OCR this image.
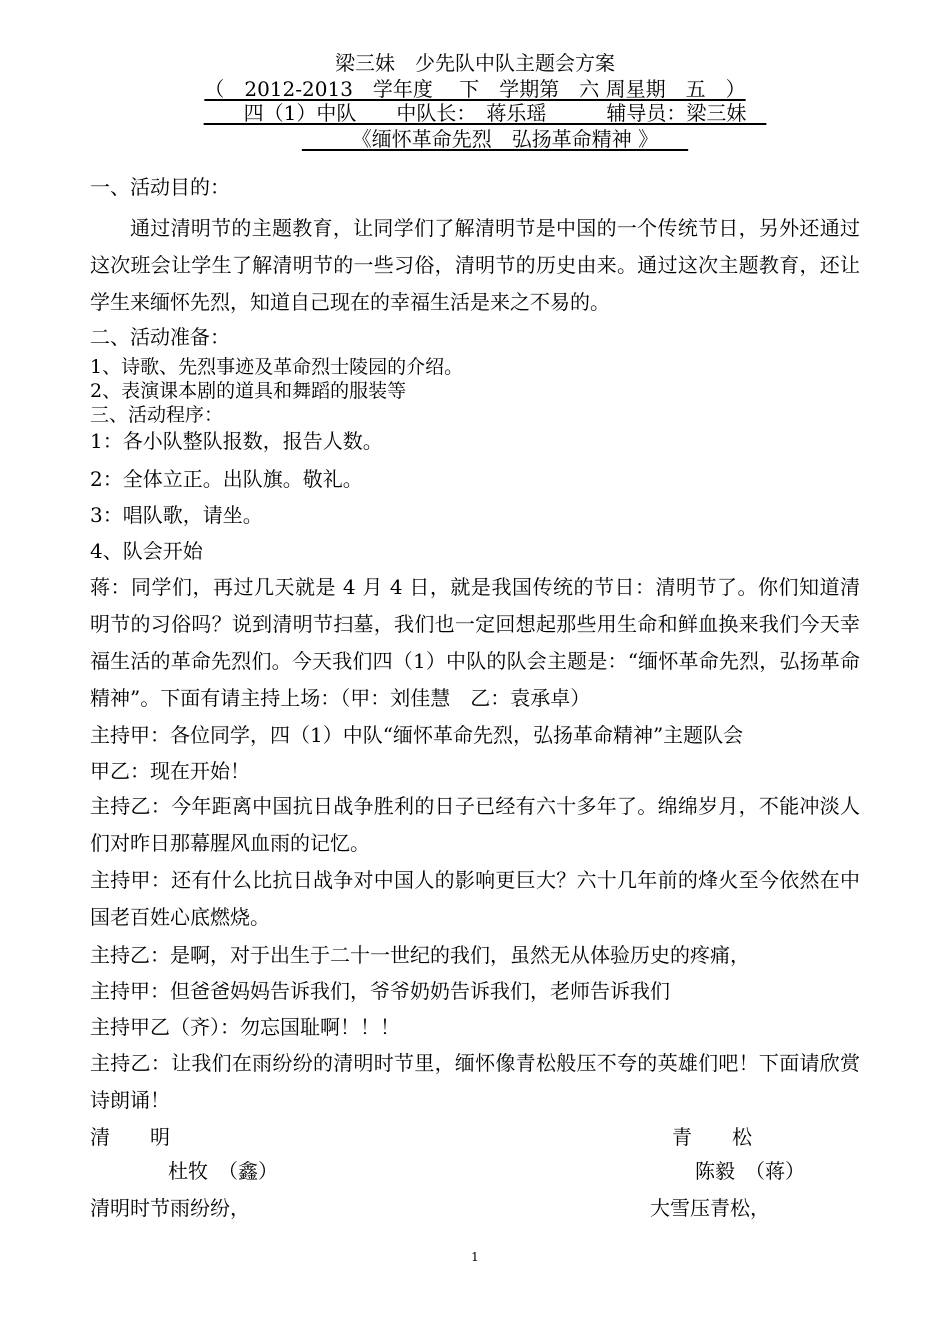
梁三妹　少先队中队主题会方案
（　2012-2013　学年度　 下　学期第　六 周星期　五　）
　　四（1）中队　　中队长：　蒋乐瑶　　　辅导员：梁三妹　
　　　《缅怀革命先烈　弘扬革命精神 》　　
一、活动目的：
通过清明节的主题教育，让同学们了解清明节是中国的一个传统节日，另外还通过这次班会让学生了解清明节的一些习俗，清明节的历史由来。通过这次主题教育，还让学生来缅怀先烈，知道自己现在的幸福生活是来之不易的。
二、活动准备：
1、诗歌、先烈事迹及革命烈士陵园的介绍。
2、表演课本剧的道具和舞蹈的服装等
三、活动程序：
1：各小队整队报数，报告人数。
2：全体立正。出队旗。敬礼。
3：唱队歌，请坐。
4、队会开始
蒋：同学们，再过几天就是 4 月 4 日，就是我国传统的节日：清明节了。你们知道清明节的习俗吗？说到清明节扫墓，我们也一定回想起那些用生命和鲜血换来我们今天幸福生活的革命先烈们。今天我们四（1）中队的队会主题是：“缅怀革命先烈，弘扬革命精神”。下面有请主持上场：（甲：刘佳慧　乙：袁承卓）
主持甲：各位同学，四（1）中队“缅怀革命先烈，弘扬革命精神”主题队会
甲乙：现在开始！
主持乙：今年距离中国抗日战争胜利的日子已经有六十多年了。绵绵岁月，不能冲淡人们对昨日那幕腥风血雨的记忆。
主持甲：还有什么比抗日战争对中国人的影响更巨大？六十几年前的烽火至今依然在中国老百姓心底燃烧。
主持乙：是啊，对于出生于二十一世纪的我们，虽然无从体验历史的疼痛，
主持甲：但爸爸妈妈告诉我们，爷爷奶奶告诉我们，老师告诉我们
主持甲乙（齐）：勿忘国耻啊！！！
主持乙：让我们在雨纷纷的清明时节里，缅怀像青松般压不夸的英雄们吧！下面请欣赏诗朗诵！
清　　明	青　　松
杜牧　（鑫）	陈毅　（蒋）
清明时节雨纷纷，	大雪压青松，
1
